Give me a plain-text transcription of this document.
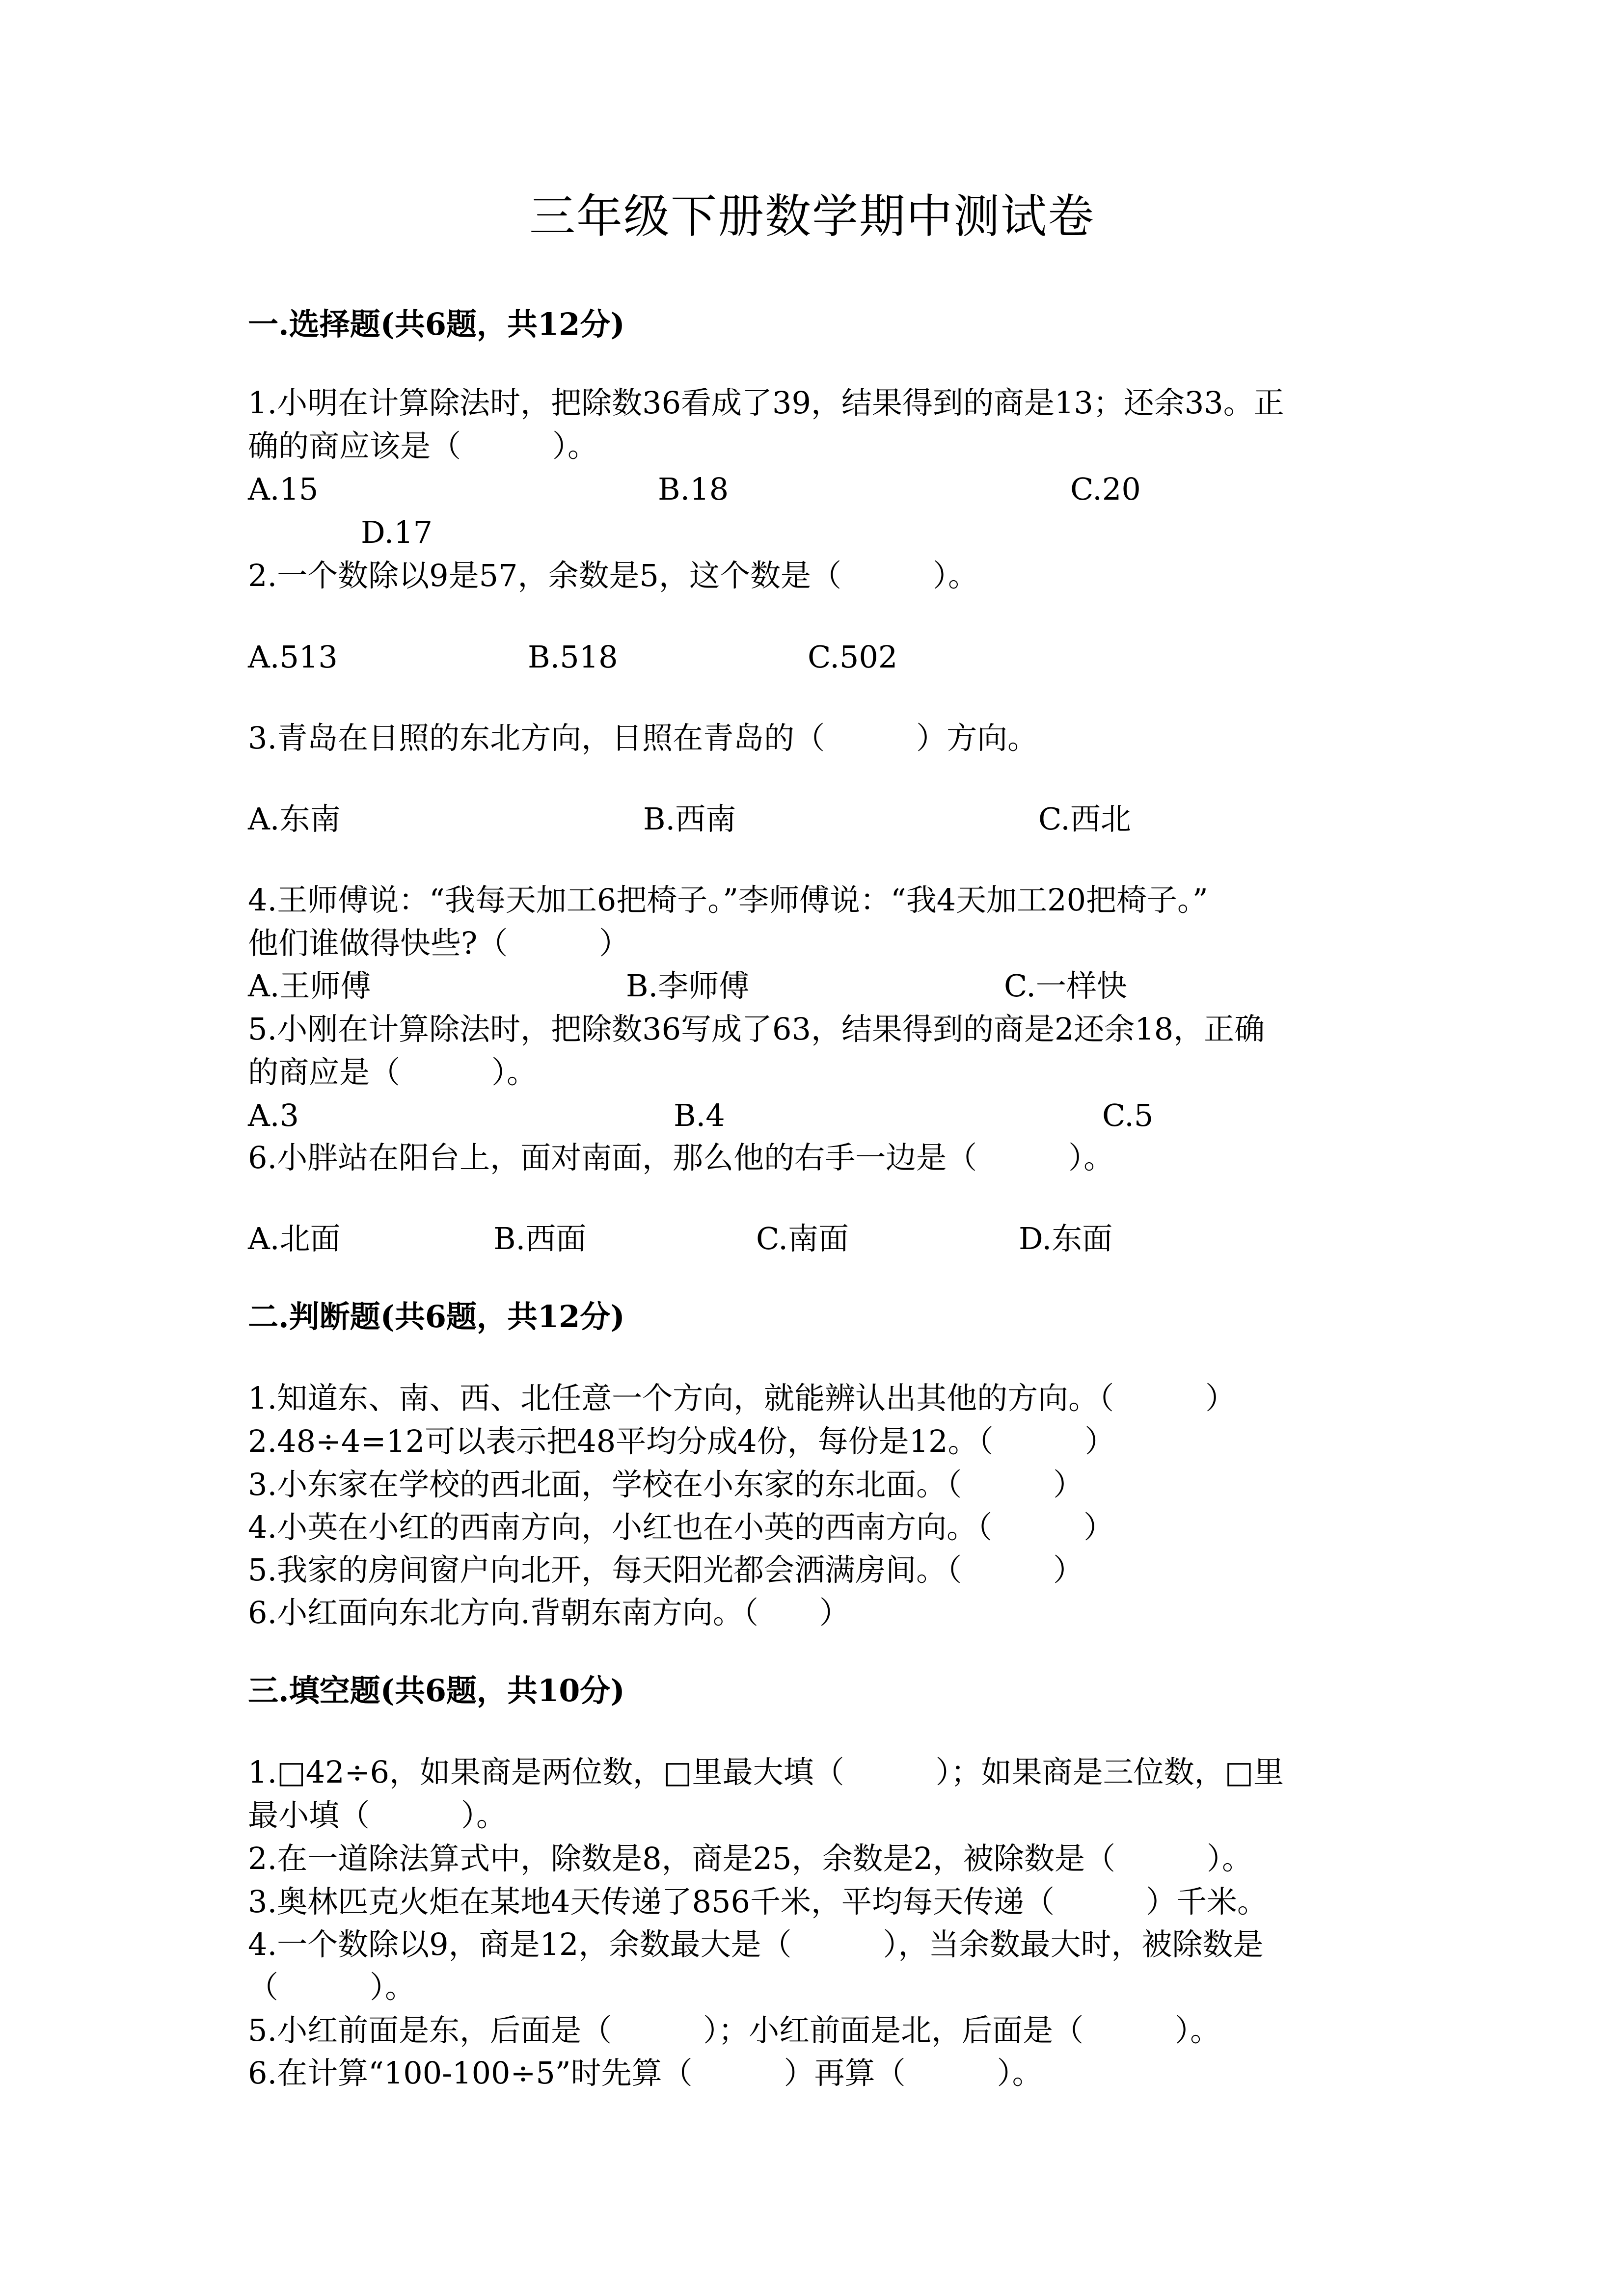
三年级下册数学期中测试卷
一.选择题(共6题，共12分)
1.小明在计算除法时，把除数36看成了39，结果得到的商是13；还余33。正
确的商应该是（　　　）。
A.15	B.18	C.20
D.17
2.一个数除以9是57，余数是5，这个数是（　　　）。
A.513	B.518	C.502
3.青岛在日照的东北方向，日照在青岛的（　　　）方向。
A.东南	B.西南	C.西北
4.王师傅说：“我每天加工6把椅子。”李师傅说：“我4天加工20把椅子。”
他们谁做得快些?（　　　）
A.王师傅	B.李师傅	C.一样快
5.小刚在计算除法时，把除数36写成了63，结果得到的商是2还余18，正确
的商应是（　　　）。
A.3	B.4	C.5
6.小胖站在阳台上，面对南面，那么他的右手一边是（　　　）。
A.北面	B.西面	C.南面	D.东面
二.判断题(共6题，共12分)
1.知道东、南、西、北任意一个方向，就能辨认出其他的方向。（　　　）
2.48÷4=12可以表示把48平均分成4份，每份是12。（　　　）
3.小东家在学校的西北面，学校在小东家的东北面。（　　　）
4.小英在小红的西南方向，小红也在小英的西南方向。（　　　）
5.我家的房间窗户向北开，每天阳光都会洒满房间。（　　　）
6.小红面向东北方向.背朝东南方向。（　　）
三.填空题(共6题，共10分)
1.□42÷6，如果商是两位数，□里最大填（　　　）；如果商是三位数，□里
最小填（　　　）。
2.在一道除法算式中，除数是8，商是25，余数是2，被除数是（　　　）。
3.奥林匹克火炬在某地4天传递了856千米，平均每天传递（　　　）千米。
4.一个数除以9，商是12，余数最大是（　　　），当余数最大时，被除数是
（　　　）。
5.小红前面是东，后面是（　　　）；小红前面是北，后面是（　　　）。
6.在计算“100-100÷5”时先算（　　　）再算（　　　）。
